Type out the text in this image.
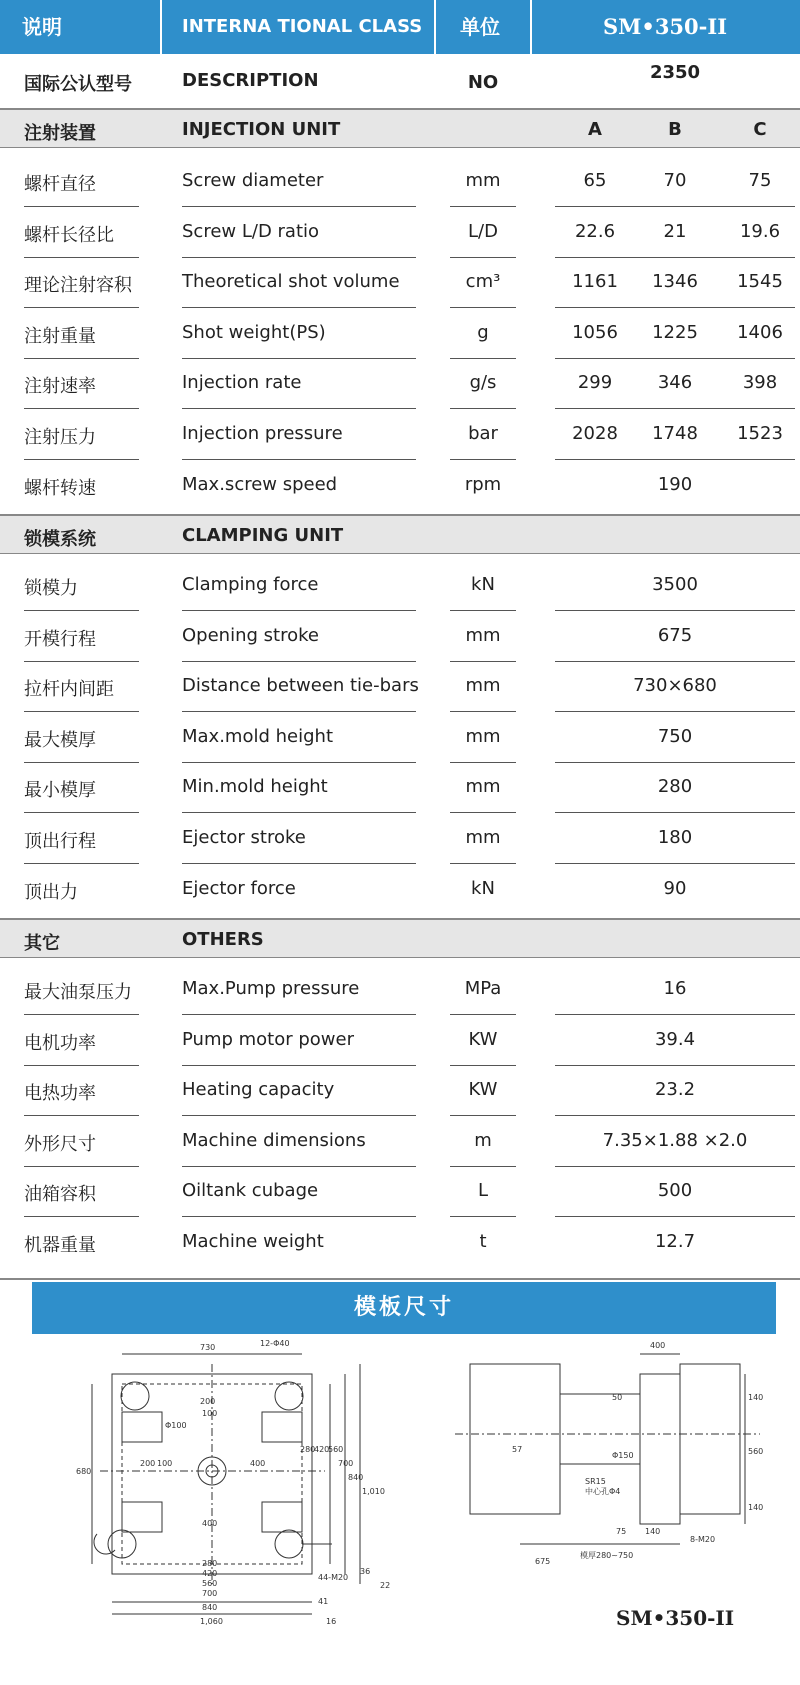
说明	INTERNA TIONAL CLASS 单位	SM•350-II
国际公认型号	DESCRIPTION	NO	2350
注射装置	INJECTION UNIT	A	B	C
螺杆直径	Screw diameter	mm	65	70	75
螺杆长径比	Screw L/D ratio	L/D	22.6	21	19.6
理论注射容积	Theoretical shot volume	cm³	1161	1346	1545
注射重量	Shot weight(PS)	g	1056	1225	1406
注射速率	Injection rate	g/s	299	346	398
注射压力	Injection pressure	bar	2028	1748	1523
螺杆转速	Max.screw speed	rpm	190
锁模系统	CLAMPING UNIT
锁模力	Clamping force	kN	3500
开模行程	Opening stroke	mm	675
拉杆内间距	Distance between tie-bars	mm	730×680
最大模厚	Max.mold height	mm	750
最小模厚	Min.mold height	mm	280
顶出行程	Ejector stroke	mm	180
顶出力	Ejector force	kN	90
其它	OTHERS
最大油泵压力	Max.Pump pressure	MPa	16
电机功率	Pump motor power	KW	39.4
电热功率	Heating capacity	KW	23.2
外形尺寸	Machine dimensions	m	7.35×1.88 ×2.0
油箱容积	Oiltank cubage	L	500
机器重量	Machine weight	t	12.7
模板尺寸
730	12-Φ40
200
100
Φ100
200 100
680
400
280
420
560
700
840
1,010
400
280
420
560
700
840
1,060
44-M20
36
22
41
16
400
50	140
560
140
Φ150
SR15
中心孔Φ4
75 140
8-M20
675
模厚280~750
57
SM•350-II
